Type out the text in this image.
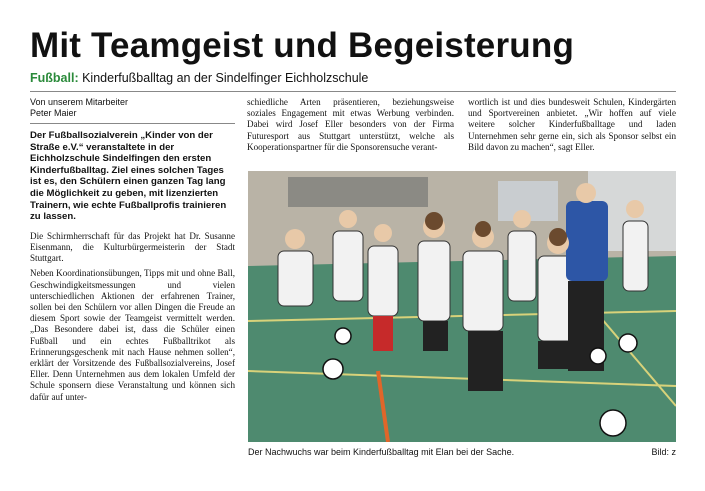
Mit Teamgeist und Begeisterung
Fußball: Kinderfußballtag an der Sindelfinger Eichholzschule
Von unserem Mitarbeiter
Peter Maier

Der Fußballsozialverein „Kinder von der Straße e.V.“ veranstaltete in der Eichholzschule Sindelfingen den ersten Kinderfußballtag. Ziel eines solchen Tages ist es, den Schülern einen ganzen Tag lang die Möglichkeit zu geben, mit lizenzierten Trainern, wie echte Fußballprofis trainieren zu lassen.

Die Schirmherrschaft für das Projekt hat Dr. Susanne Eisenmann, die Kulturbürgermeisterin der Stadt Stuttgart.

Neben Koordinationsübungen, Tipps mit und ohne Ball, Geschwindigkeitsmessungen und vielen unterschiedlichen Aktionen der erfahrenen Trainer, sollen bei den Schülern vor allen Dingen die Freude an diesem Sport sowie der Teamgeist vermittelt werden. „Das Besondere dabei ist, dass die Schüler einen Fußball und ein echtes Fußballtrikot als Erinnerungsgeschenk mit nach Hause nehmen sollen“, erklärt der Vorsitzende des Fußballsozialvereins, Josef Eller. Denn Unternehmen aus dem lokalen Umfeld der Schule sponsern diese Veranstaltung und können sich dafür auf unter-

schiedliche Arten präsentieren, beziehungsweise soziales Engagement mit etwas Werbung verbinden. Dabei wird Josef Eller besonders von der Firma Futuresport aus Stuttgart unterstützt, welche als Kooperationspartner für die Sponsorensuche verant-

wortlich ist und dies bundesweit Schulen, Kindergärten und Sportvereinen anbietet. „Wir hoffen auf viele weitere solcher Kinderfußballtage und laden Unternehmen sehr gerne ein, sich als Sponsor selbst ein Bild davon zu machen“, sagt Eller.

Der Nachwuchs war beim Kinderfußballtag mit Elan bei der Sache.	Bild: z
